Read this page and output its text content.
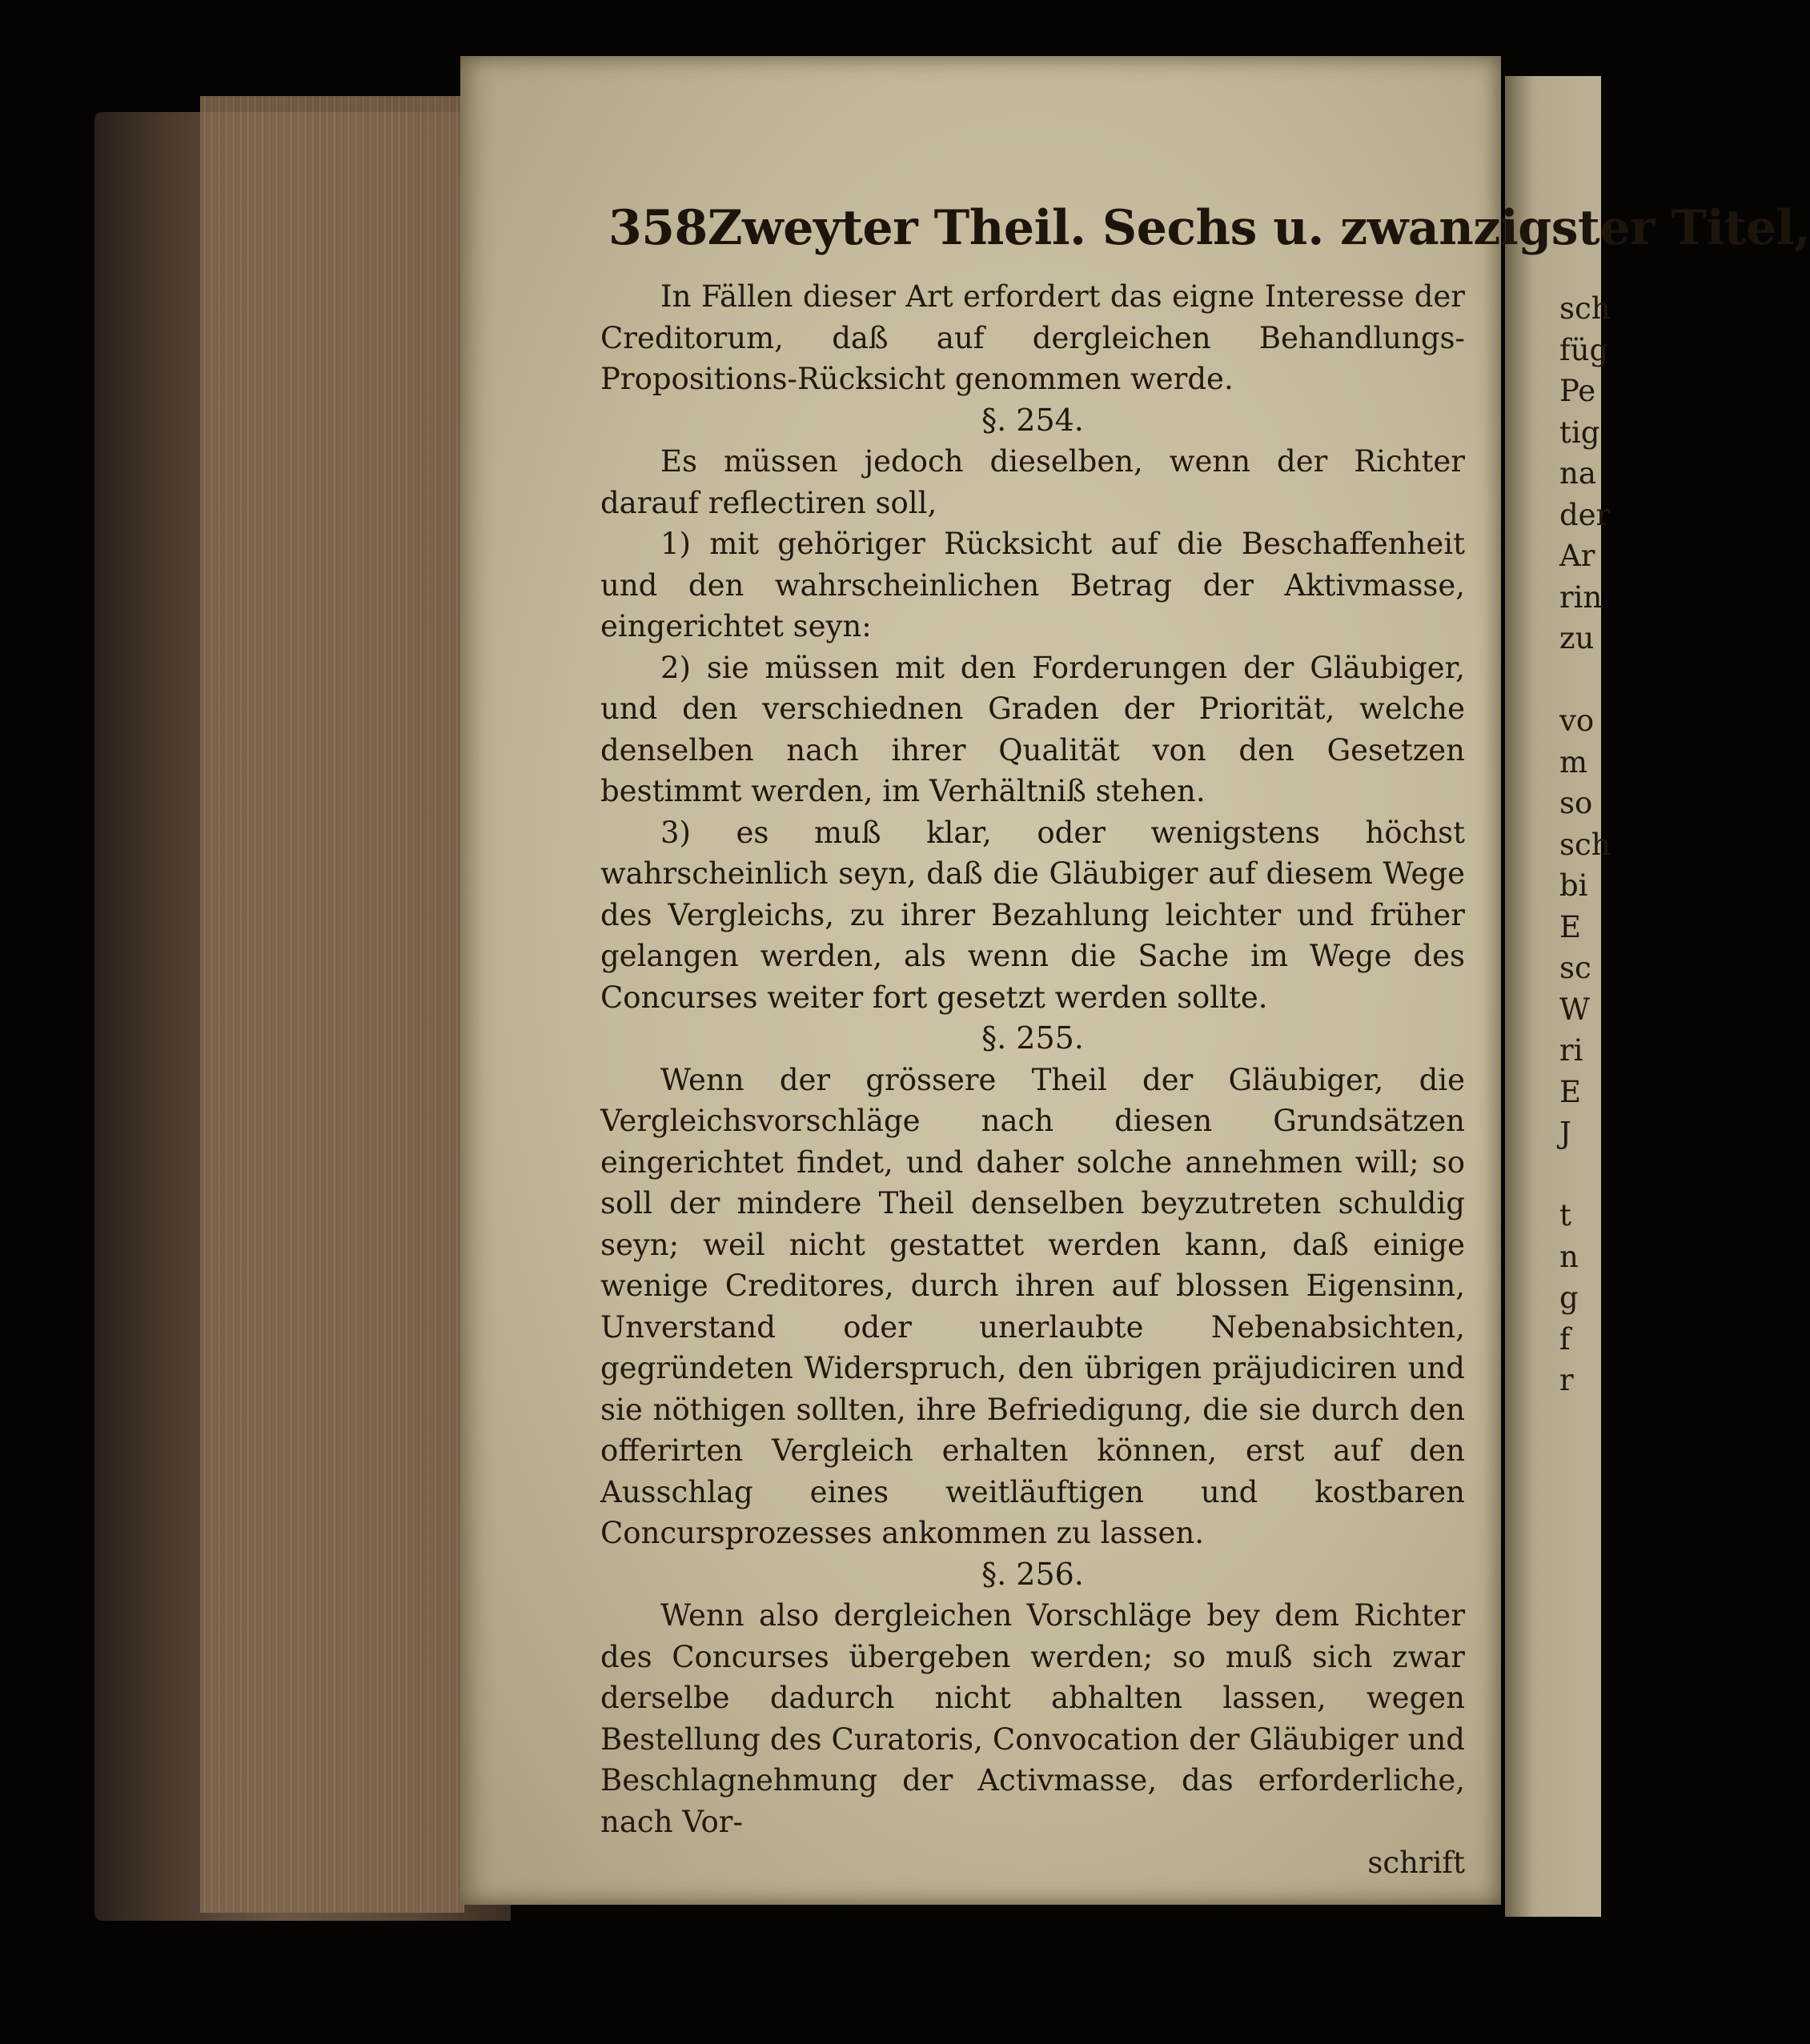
358 Zweyter Theil. Sechs u. zwanzigster Titel,

In Fällen dieser Art erfordert das eigne Interesse der Creditorum, daß auf dergleichen Behandlungs-Propositions-Rücksicht genommen werde.

§. 254.

Es müssen jedoch dieselben, wenn der Richter darauf reflectiren soll,

1) mit gehöriger Rücksicht auf die Beschaffenheit und den wahrscheinlichen Betrag der Aktivmasse, eingerichtet seyn:

2) sie müssen mit den Forderungen der Gläubiger, und den verschiednen Graden der Priorität, welche denselben nach ihrer Qualität von den Gesetzen bestimmt werden, im Verhältniß stehen.

3) es muß klar, oder wenigstens höchst wahrscheinlich seyn, daß die Gläubiger auf diesem Wege des Vergleichs, zu ihrer Bezahlung leichter und früher gelangen werden, als wenn die Sache im Wege des Concurses weiter fort gesetzt werden sollte.

§. 255.

Wenn der grössere Theil der Gläubiger, die Vergleichsvorschläge nach diesen Grundsätzen eingerichtet findet, und daher solche annehmen will; so soll der mindere Theil denselben beyzutreten schuldig seyn; weil nicht gestattet werden kann, daß einige wenige Creditores, durch ihren auf blossen Eigensinn, Unverstand oder unerlaubte Nebenabsichten, gegründeten Widerspruch, den übrigen präjudiciren und sie nöthigen sollten, ihre Befriedigung, die sie durch den offerirten Vergleich erhalten können, erst auf den Ausschlag eines weitläuftigen und kostbaren Concursprozesses ankommen zu lassen.

§. 256.

Wenn also dergleichen Vorschläge bey dem Richter des Concurses übergeben werden; so muß sich zwar derselbe dadurch nicht abhalten lassen, wegen Bestellung des Curatoris, Convocation der Gläubiger und Beschlagnehmung der Activmasse, das erforderliche, nach Vor-

schrift
sch
füg
Pe
tig
na
der
Ar
rin
zu
vo
m
so
sch
bi
E
sc
W
ri
E
J
t
n
g
f
r
